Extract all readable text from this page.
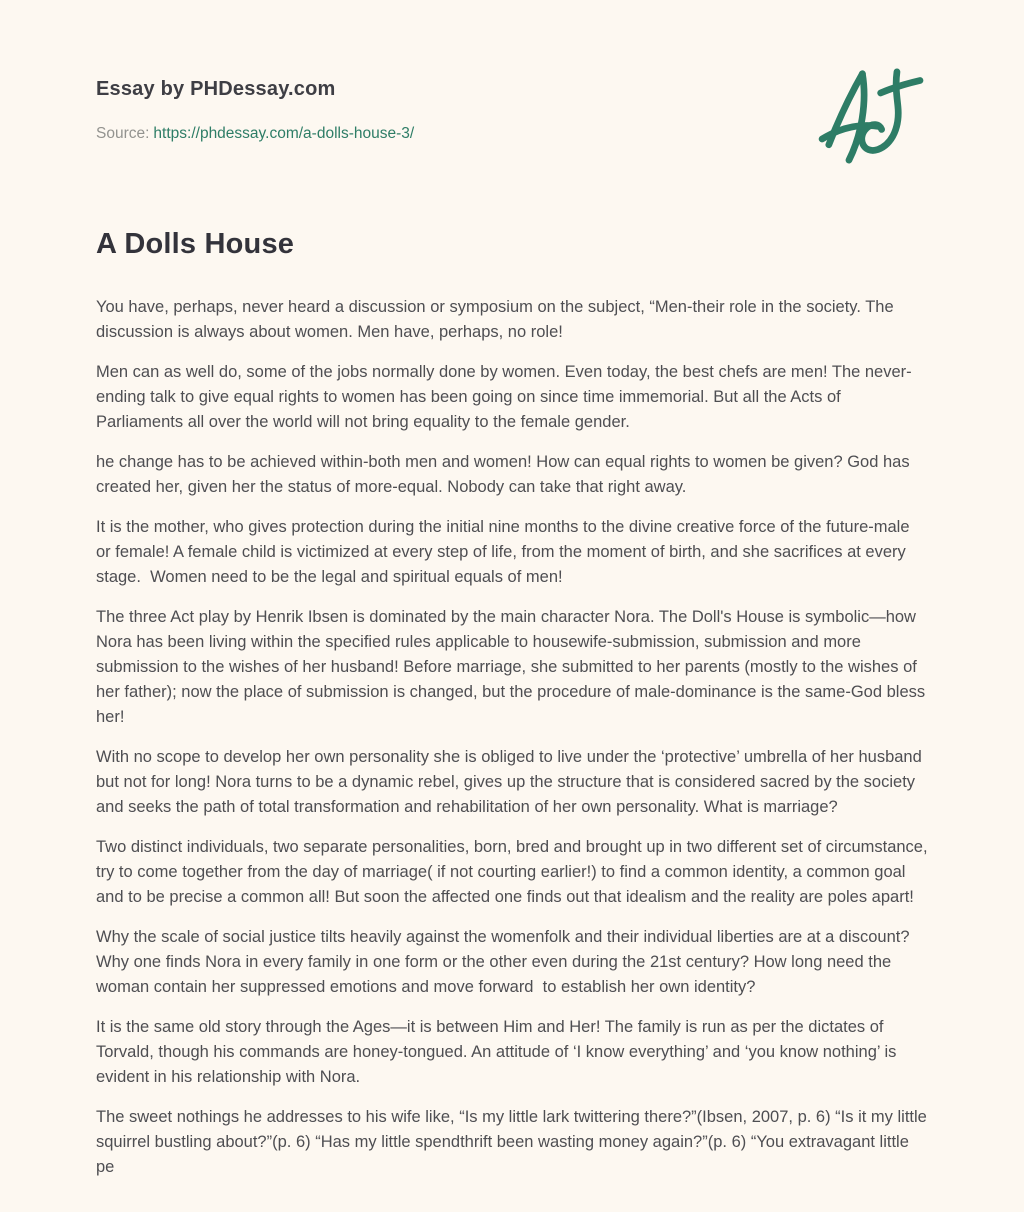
Essay by PHDessay.com
Source: https://phdessay.com/a-dolls-house-3/
A Dolls House

You have, perhaps, never heard a discussion or symposium on the subject, “Men-their role in the society. The discussion is always about women. Men have, perhaps, no role!

Men can as well do, some of the jobs normally done by women. Even today, the best chefs are men! The never-ending talk to give equal rights to women has been going on since time immemorial. But all the Acts of Parliaments all over the world will not bring equality to the female gender.

he change has to be achieved within-both men and women! How can equal rights to women be given? God has created her, given her the status of more-equal. Nobody can take that right away.

It is the mother, who gives protection during the initial nine months to the divine creative force of the future-male or female! A female child is victimized at every step of life, from the moment of birth, and she sacrifices at every stage.  Women need to be the legal and spiritual equals of men!

The three Act play by Henrik Ibsen is dominated by the main character Nora. The Doll's House is symbolic—how Nora has been living within the specified rules applicable to housewife-submission, submission and more submission to the wishes of her husband! Before marriage, she submitted to her parents (mostly to the wishes of her father); now the place of submission is changed, but the procedure of male-dominance is the same-God bless her!

With no scope to develop her own personality she is obliged to live under the ‘protective’ umbrella of her husband but not for long! Nora turns to be a dynamic rebel, gives up the structure that is considered sacred by the society and seeks the path of total transformation and rehabilitation of her own personality. What is marriage?

Two distinct individuals, two separate personalities, born, bred and brought up in two different set of circumstance, try to come together from the day of marriage( if not courting earlier!) to find a common identity, a common goal and to be precise a common all! But soon the affected one finds out that idealism and the reality are poles apart!

Why the scale of social justice tilts heavily against the womenfolk and their individual liberties are at a discount? Why one finds Nora in every family in one form or the other even during the 21st century? How long need the woman contain her suppressed emotions and move forward  to establish her own identity?

It is the same old story through the Ages—it is between Him and Her! The family is run as per the dictates of Torvald, though his commands are honey-tongued. An attitude of ‘I know everything’ and ‘you know nothing’ is evident in his relationship with Nora.

The sweet nothings he addresses to his wife like, “Is my little lark twittering there?”(Ibsen, 2007, p. 6) “Is it my little squirrel bustling about?”(p. 6) “Has my little spendthrift been wasting money again?”(p. 6) “You extravagant little pe
